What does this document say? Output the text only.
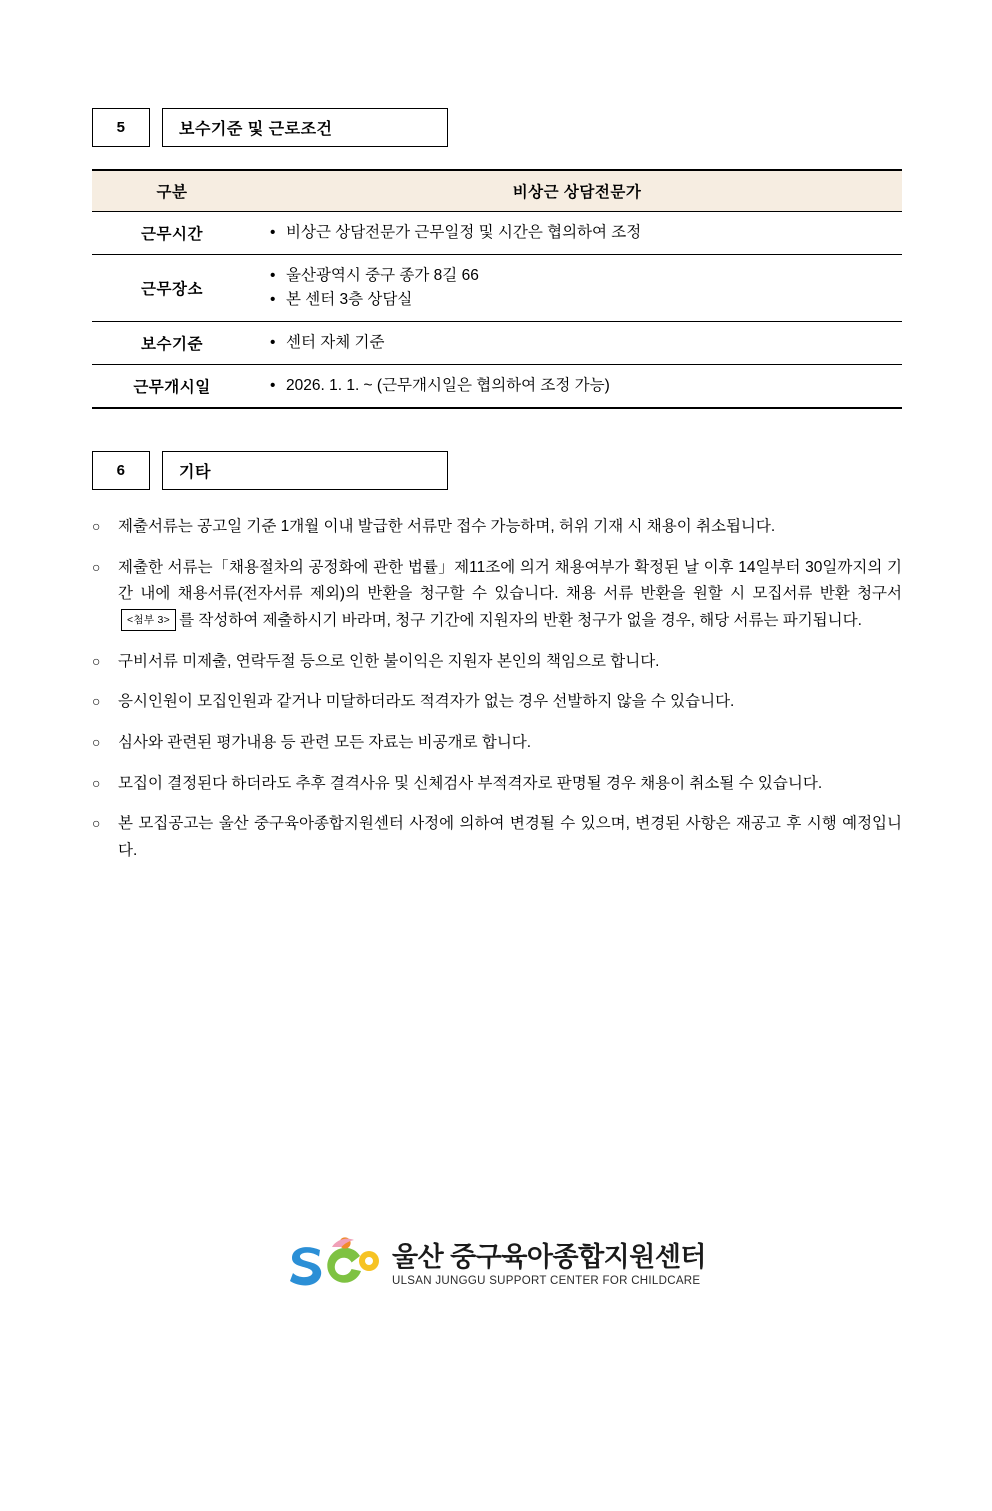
5	보수기준 및 근로조건
구분	비상근 상담전문가
근무시간	• 비상근 상담전문가 근무일정 및 시간은 협의하여 조정

근무장소	• 울산광역시 중구 종가 8길 66
• 본 센터 3층 상담실

보수기준	• 센터 자체 기준

근무개시일	• 2026. 1. 1. ~ (근무개시일은 협의하여 조정 가능)
6	기타
○	제출서류는 공고일 기준 1개월 이내 발급한 서류만 접수 가능하며, 허위 기재 시 채용이 취소됩니다.
○	제출한 서류는「채용절차의 공정화에 관한 법률」제11조에 의거 채용여부가 확정된 날 이후 14일부터 30일까지의 기간 내에 채용서류(전자서류 제외)의 반환을 청구할 수 있습니다. 채용 서류 반환을 원할 시 모집서류 반환 청구서 <첨부 3> 를 작성하여 제출하시기 바라며, 청구 기간에 지원자의 반환 청구가 없을 경우, 해당 서류는 파기됩니다.
○	구비서류 미제출, 연락두절 등으로 인한 불이익은 지원자 본인의 책임으로 합니다.
○	응시인원이 모집인원과 같거나 미달하더라도 적격자가 없는 경우 선발하지 않을 수 있습니다.
○	심사와 관련된 평가내용 등 관련 모든 자료는 비공개로 합니다.
○	모집이 결정된다 하더라도 추후 결격사유 및 신체검사 부적격자로 판명될 경우 채용이 취소될 수 있습니다.
○	본 모집공고는 울산 중구육아종합지원센터 사정에 의하여 변경될 수 있으며, 변경된 사항은 재공고 후 시행 예정입니다.
울산 중구육아종합지원센터
ULSAN JUNGGU SUPPORT CENTER FOR CHILDCARE
